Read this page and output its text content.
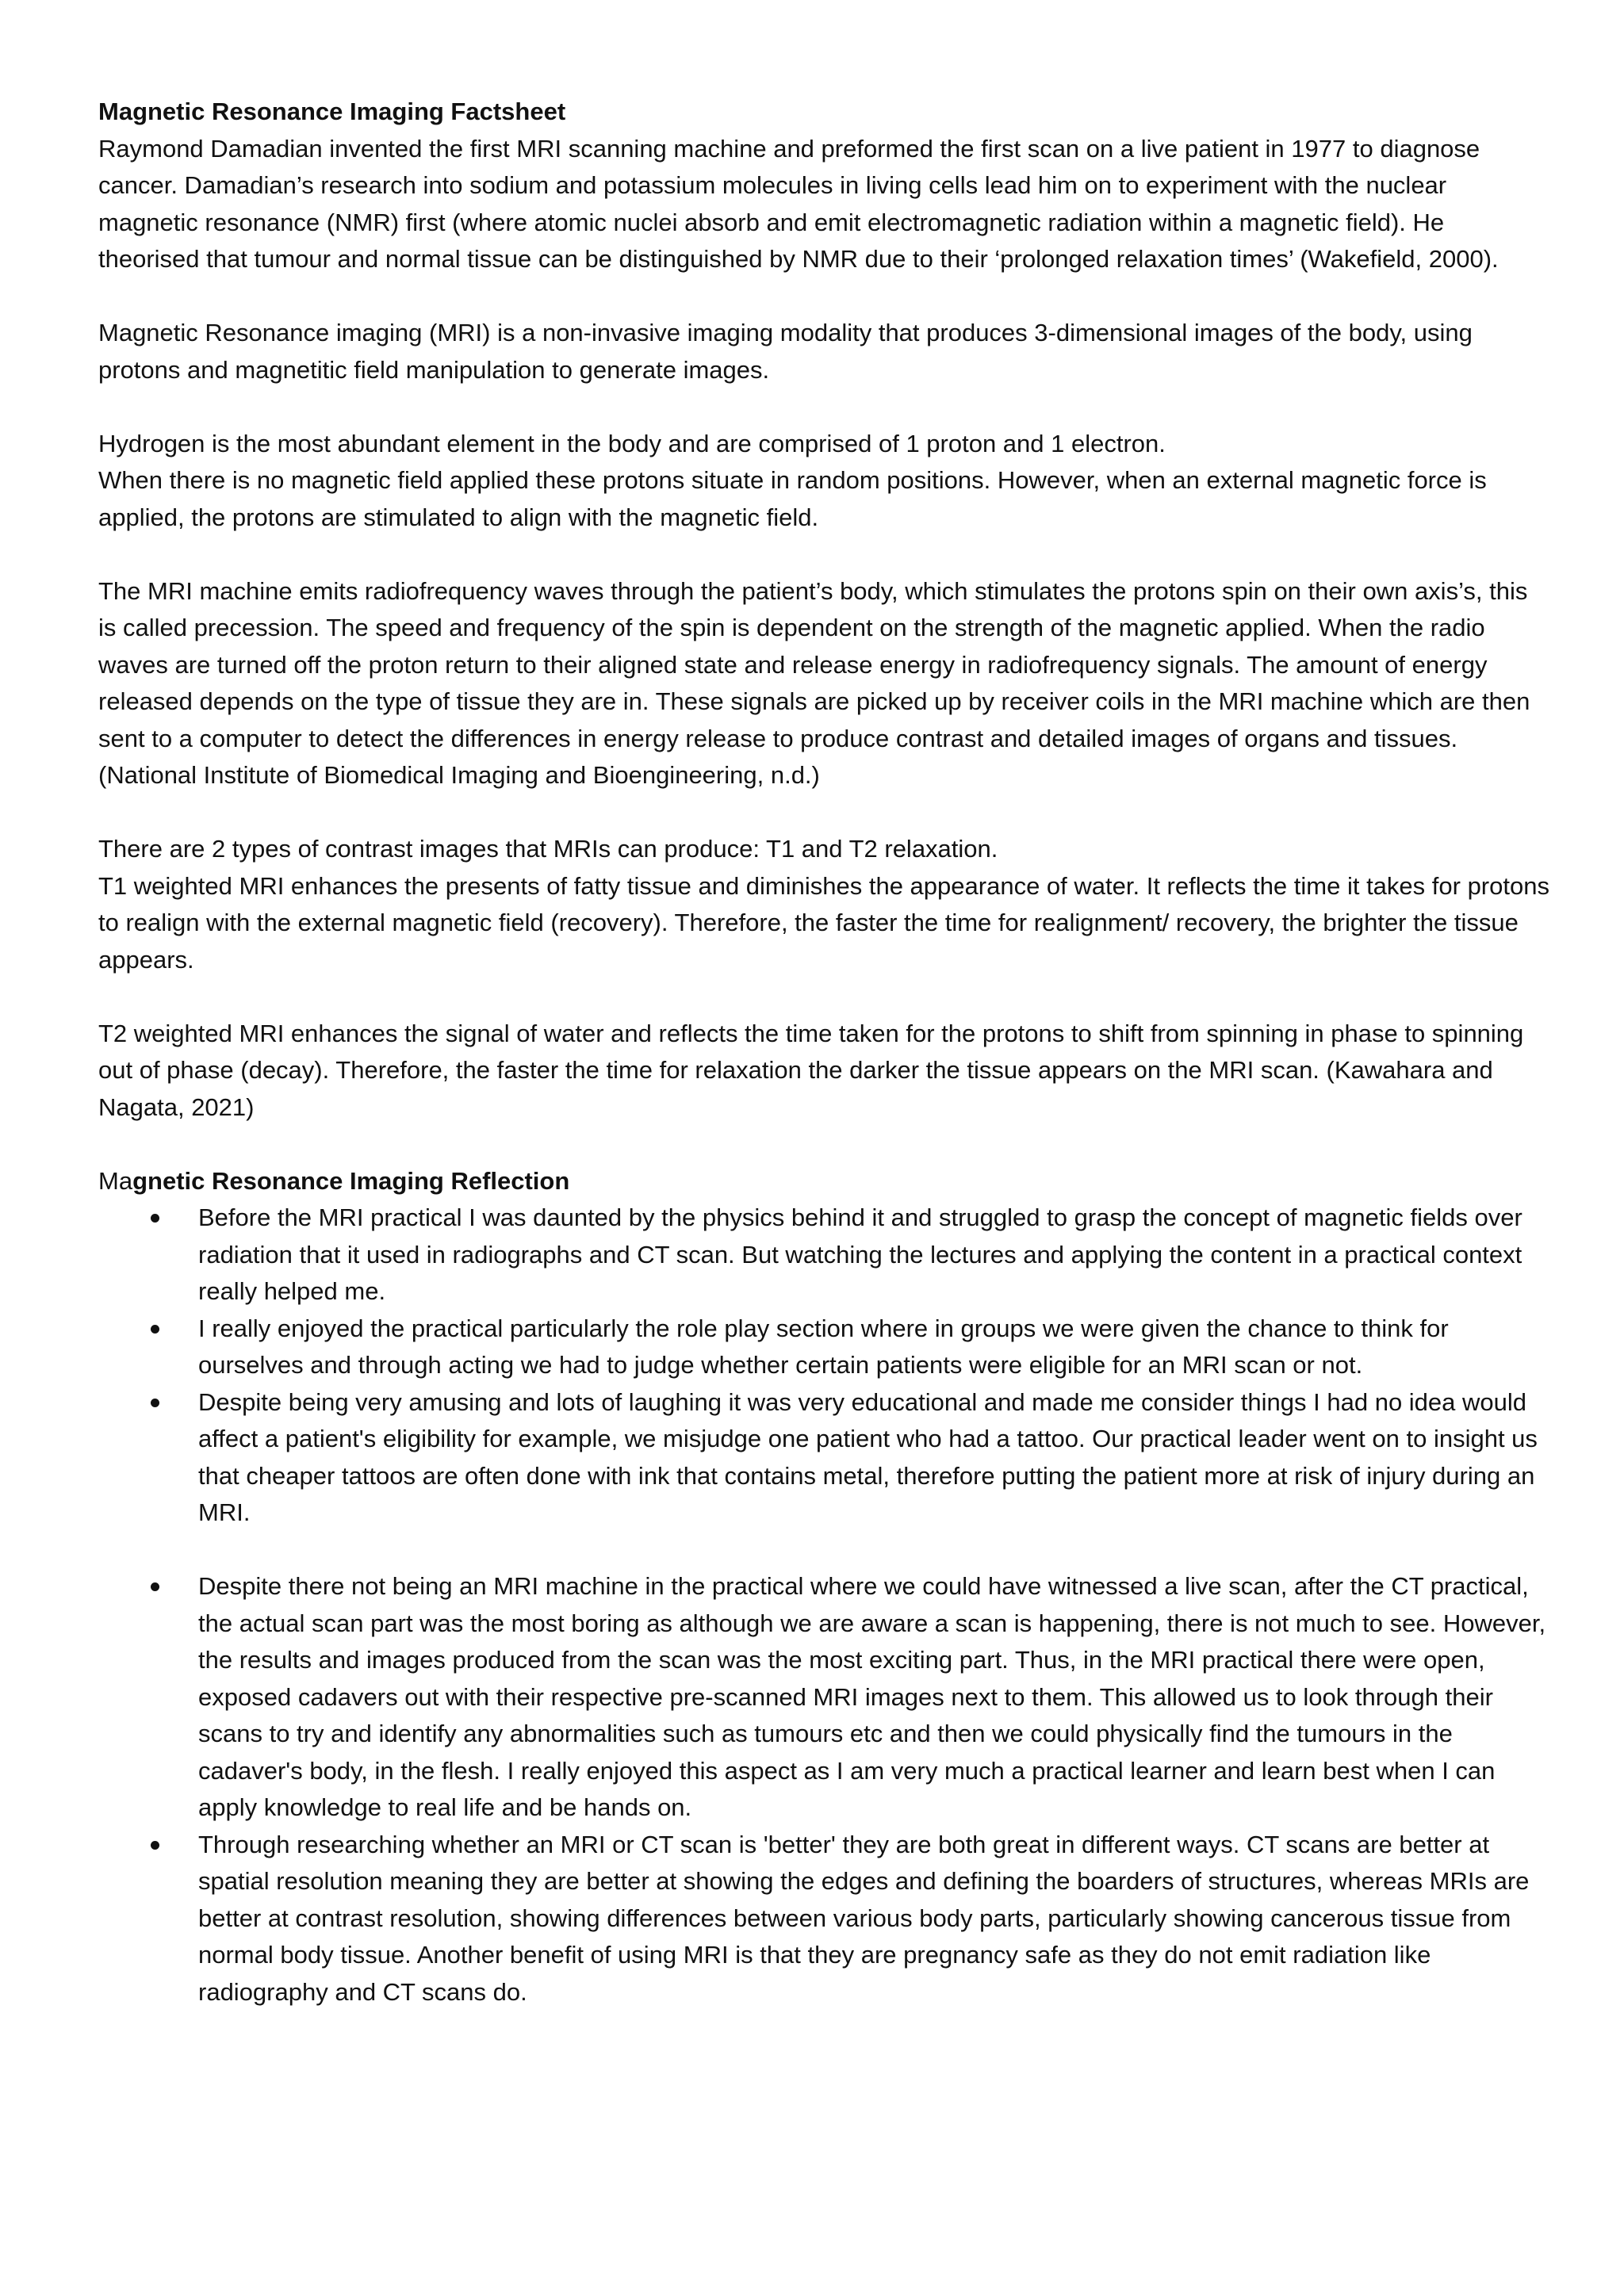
Magnetic Resonance Imaging Factsheet

Raymond Damadian invented the first MRI scanning machine and preformed the first scan on a live patient in 1977 to diagnose cancer. Damadian’s research into sodium and potassium molecules in living cells lead him on to experiment with the nuclear magnetic resonance (NMR) first (where atomic nuclei absorb and emit electromagnetic radiation within a magnetic field). He theorised that tumour and normal tissue can be distinguished by NMR due to their ‘prolonged relaxation times’ (Wakefield, 2000).

Magnetic Resonance imaging (MRI) is a non-invasive imaging modality that produces 3-dimensional images of the body, using protons and magnetitic field manipulation to generate images.

Hydrogen is the most abundant element in the body and are comprised of 1 proton and 1 electron.

When there is no magnetic field applied these protons situate in random positions. However, when an external magnetic force is applied, the protons are stimulated to align with the magnetic field.

The MRI machine emits radiofrequency waves through the patient’s body, which stimulates the protons spin on their own axis’s, this is called precession. The speed and frequency of the spin is dependent on the strength of the magnetic applied. When the radio waves are turned off the proton return to their aligned state and release energy in radiofrequency signals. The amount of energy released depends on the type of tissue they are in. These signals are picked up by receiver coils in the MRI machine which are then sent to a computer to detect the differences in energy release to produce contrast and detailed images of organs and tissues. (National Institute of Biomedical Imaging and Bioengineering, n.d.)

There are 2 types of contrast images that MRIs can produce: T1 and T2 relaxation.

T1 weighted MRI enhances the presents of fatty tissue and diminishes the appearance of water. It reflects the time it takes for protons to realign with the external magnetic field (recovery). Therefore, the faster the time for realignment/ recovery, the brighter the tissue appears.

T2 weighted MRI enhances the signal of water and reflects the time taken for the protons to shift from spinning in phase to spinning out of phase (decay). Therefore, the faster the time for relaxation the darker the tissue appears on the MRI scan. (Kawahara and Nagata, 2021)

Magnetic Resonance Imaging Reflection

Before the MRI practical I was daunted by the physics behind it and struggled to grasp the concept of magnetic fields over radiation that it used in radiographs and CT scan. But watching the lectures and applying the content in a practical context really helped me.
I really enjoyed the practical particularly the role play section where in groups we were given the chance to think for ourselves and through acting we had to judge whether certain patients were eligible for an MRI scan or not.
Despite being very amusing and lots of laughing it was very educational and made me consider things I had no idea would affect a patient's eligibility for example, we misjudge one patient who had a tattoo. Our practical leader went on to insight us that cheaper tattoos are often done with ink that contains metal, therefore putting the patient more at risk of injury during an MRI.
Despite there not being an MRI machine in the practical where we could have witnessed a live scan, after the CT practical, the actual scan part was the most boring as although we are aware a scan is happening, there is not much to see. However, the results and images produced from the scan was the most exciting part. Thus, in the MRI practical there were open, exposed cadavers out with their respective pre-scanned MRI images next to them. This allowed us to look through their scans to try and identify any abnormalities such as tumours etc and then we could physically find the tumours in the cadaver's body, in the flesh. I really enjoyed this aspect as I am very much a practical learner and learn best when I can apply knowledge to real life and be hands on.
Through researching whether an MRI or CT scan is 'better' they are both great in different ways. CT scans are better at spatial resolution meaning they are better at showing the edges and defining the boarders of structures, whereas MRIs are better at contrast resolution, showing differences between various body parts, particularly showing cancerous tissue from normal body tissue. Another benefit of using MRI is that they are pregnancy safe as they do not emit radiation like radiography and CT scans do.
